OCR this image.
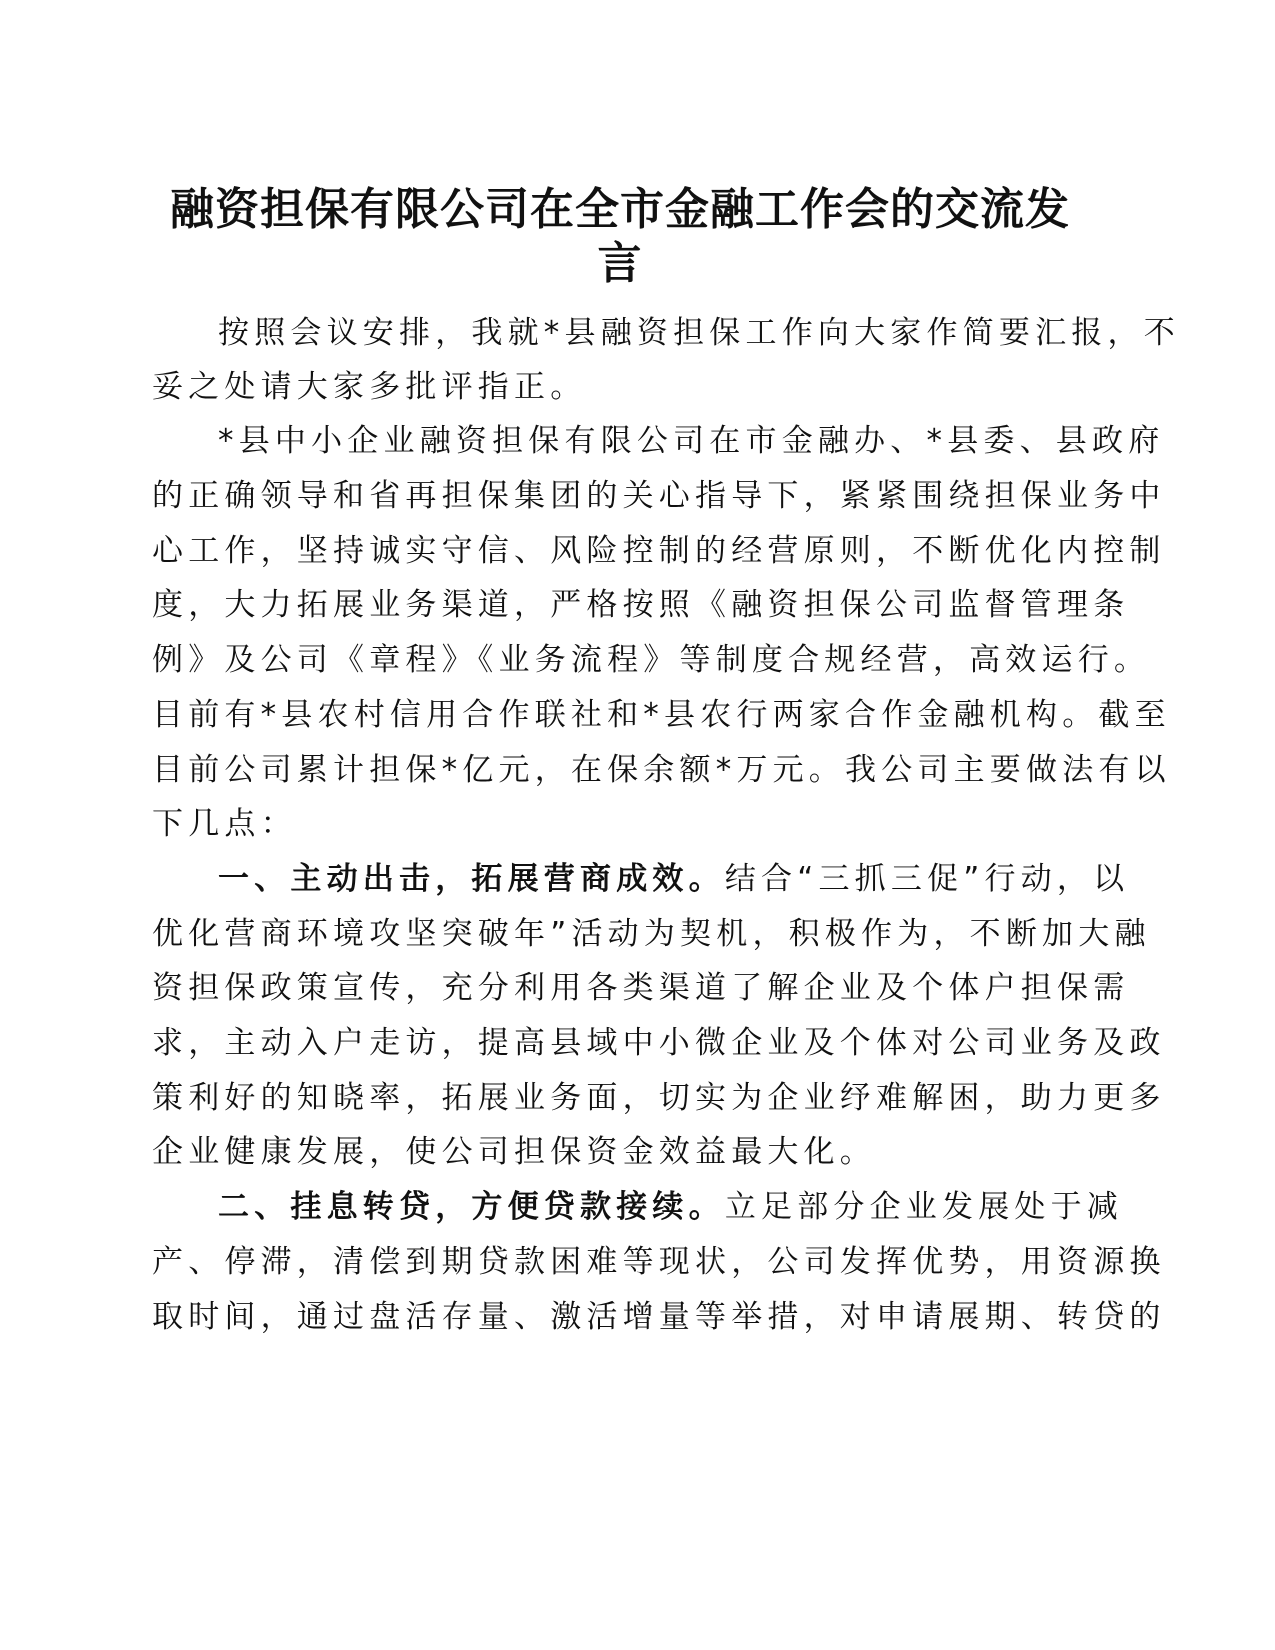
融资担保有限公司在全市金融工作会的交流发
言
按照会议安排，我就*县融资担保工作向大家作简要汇报，不
妥之处请大家多批评指正。
*县中小企业融资担保有限公司在市金融办、*县委、县政府
的正确领导和省再担保集团的关心指导下，紧紧围绕担保业务中
心工作，坚持诚实守信、风险控制的经营原则，不断优化内控制
度，大力拓展业务渠道，严格按照《融资担保公司监督管理条
例》及公司《章程》《业务流程》等制度合规经营，高效运行。
目前有*县农村信用合作联社和*县农行两家合作金融机构。截至
目前公司累计担保*亿元，在保余额*万元。我公司主要做法有以
下几点：
一、主动出击，拓展营商成效。结合“三抓三促”行动，以
优化营商环境攻坚突破年”活动为契机，积极作为，不断加大融
资担保政策宣传，充分利用各类渠道了解企业及个体户担保需
求，主动入户走访，提高县域中小微企业及个体对公司业务及政
策利好的知晓率，拓展业务面，切实为企业纾难解困，助力更多
企业健康发展，使公司担保资金效益最大化。
二、挂息转贷，方便贷款接续。立足部分企业发展处于减
产、停滞，清偿到期贷款困难等现状，公司发挥优势，用资源换
取时间，通过盘活存量、激活增量等举措，对申请展期、转贷的
